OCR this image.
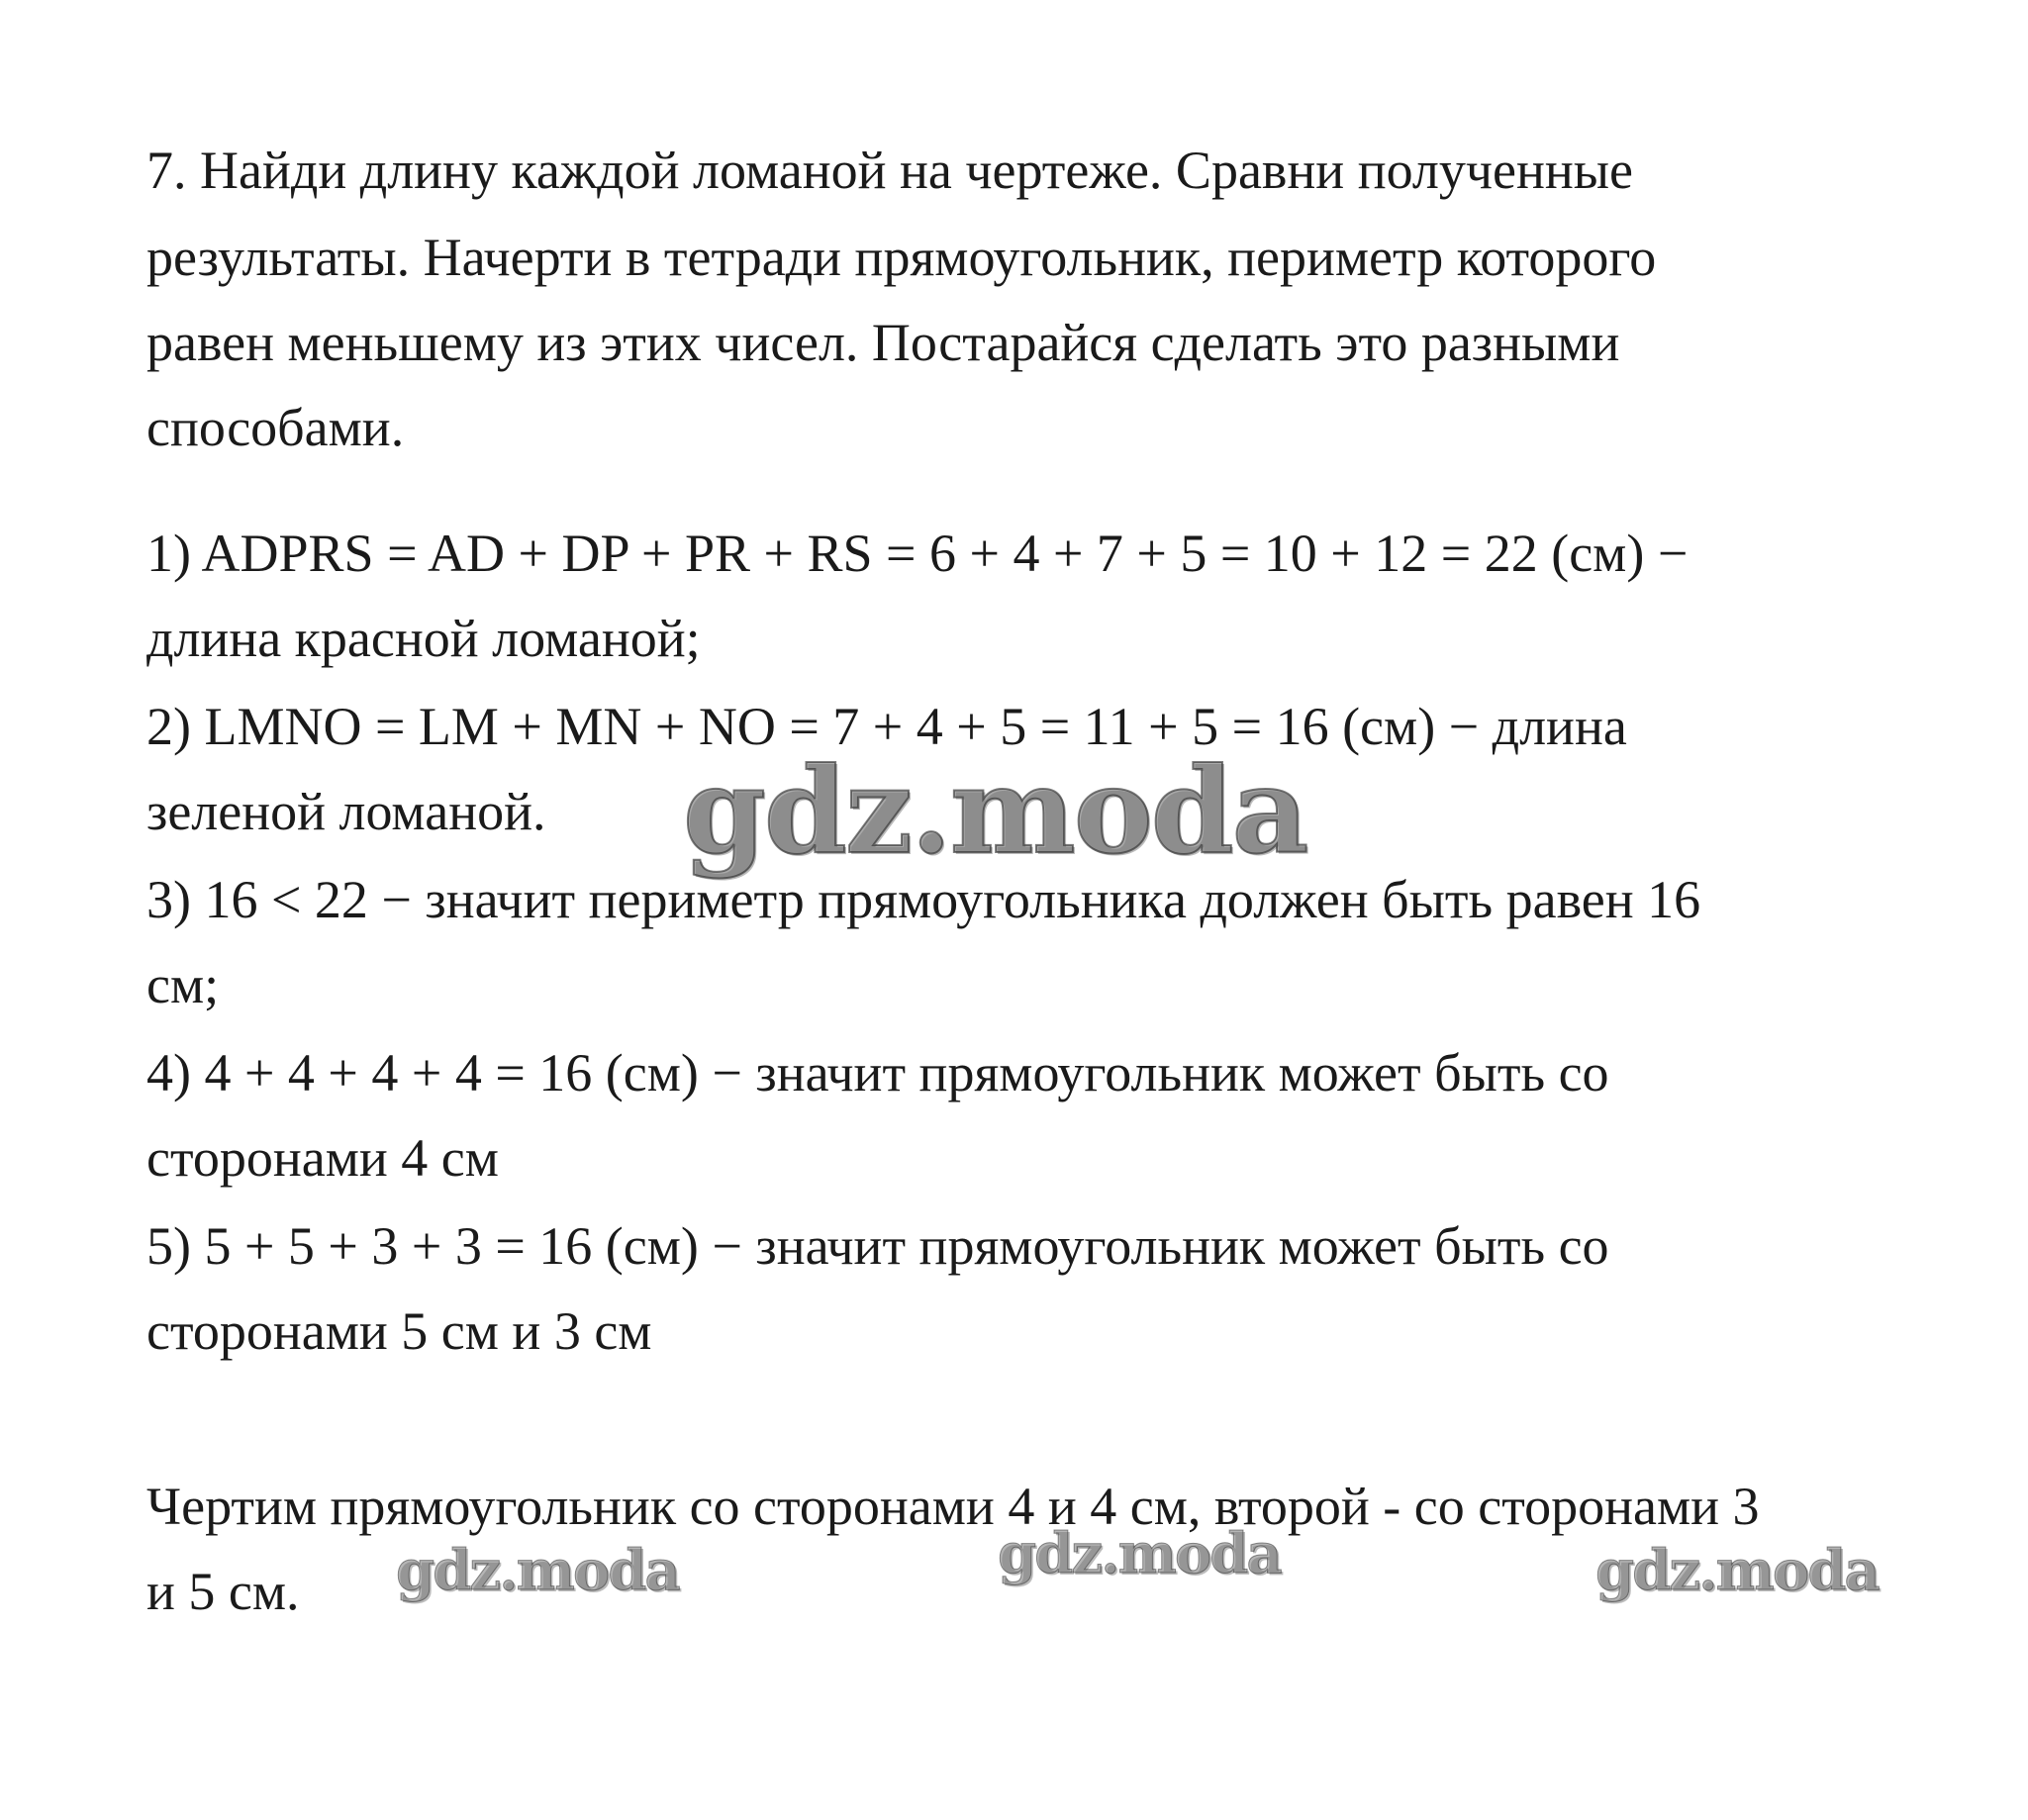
7. Найди длину каждой ломаной на чертеже. Сравни полученные
результаты. Начерти в тетради прямоугольник, периметр которого
равен меньшему из этих чисел. Постарайся сделать это разными
способами.
1) ADPRS = AD + DP + PR + RS = 6 + 4 + 7 + 5 = 10 + 12 = 22 (см) −
длина красной ломаной;
2) LMNO = LM + MN + NO = 7 + 4 + 5 = 11 + 5 = 16 (см) − длина
зеленой ломаной.
3) 16 < 22 − значит периметр прямоугольника должен быть равен 16
см;
4) 4 + 4 + 4 + 4 = 16 (см) − значит прямоугольник может быть со
сторонами 4 см
5) 5 + 5 + 3 + 3 = 16 (см) − значит прямоугольник может быть со
сторонами 5 см и 3 см
Чертим прямоугольник со сторонами 4 и 4 см, второй - со сторонами 3
и 5 см.
gdz.moda
gdz.moda	gdz.moda	gdz.moda
